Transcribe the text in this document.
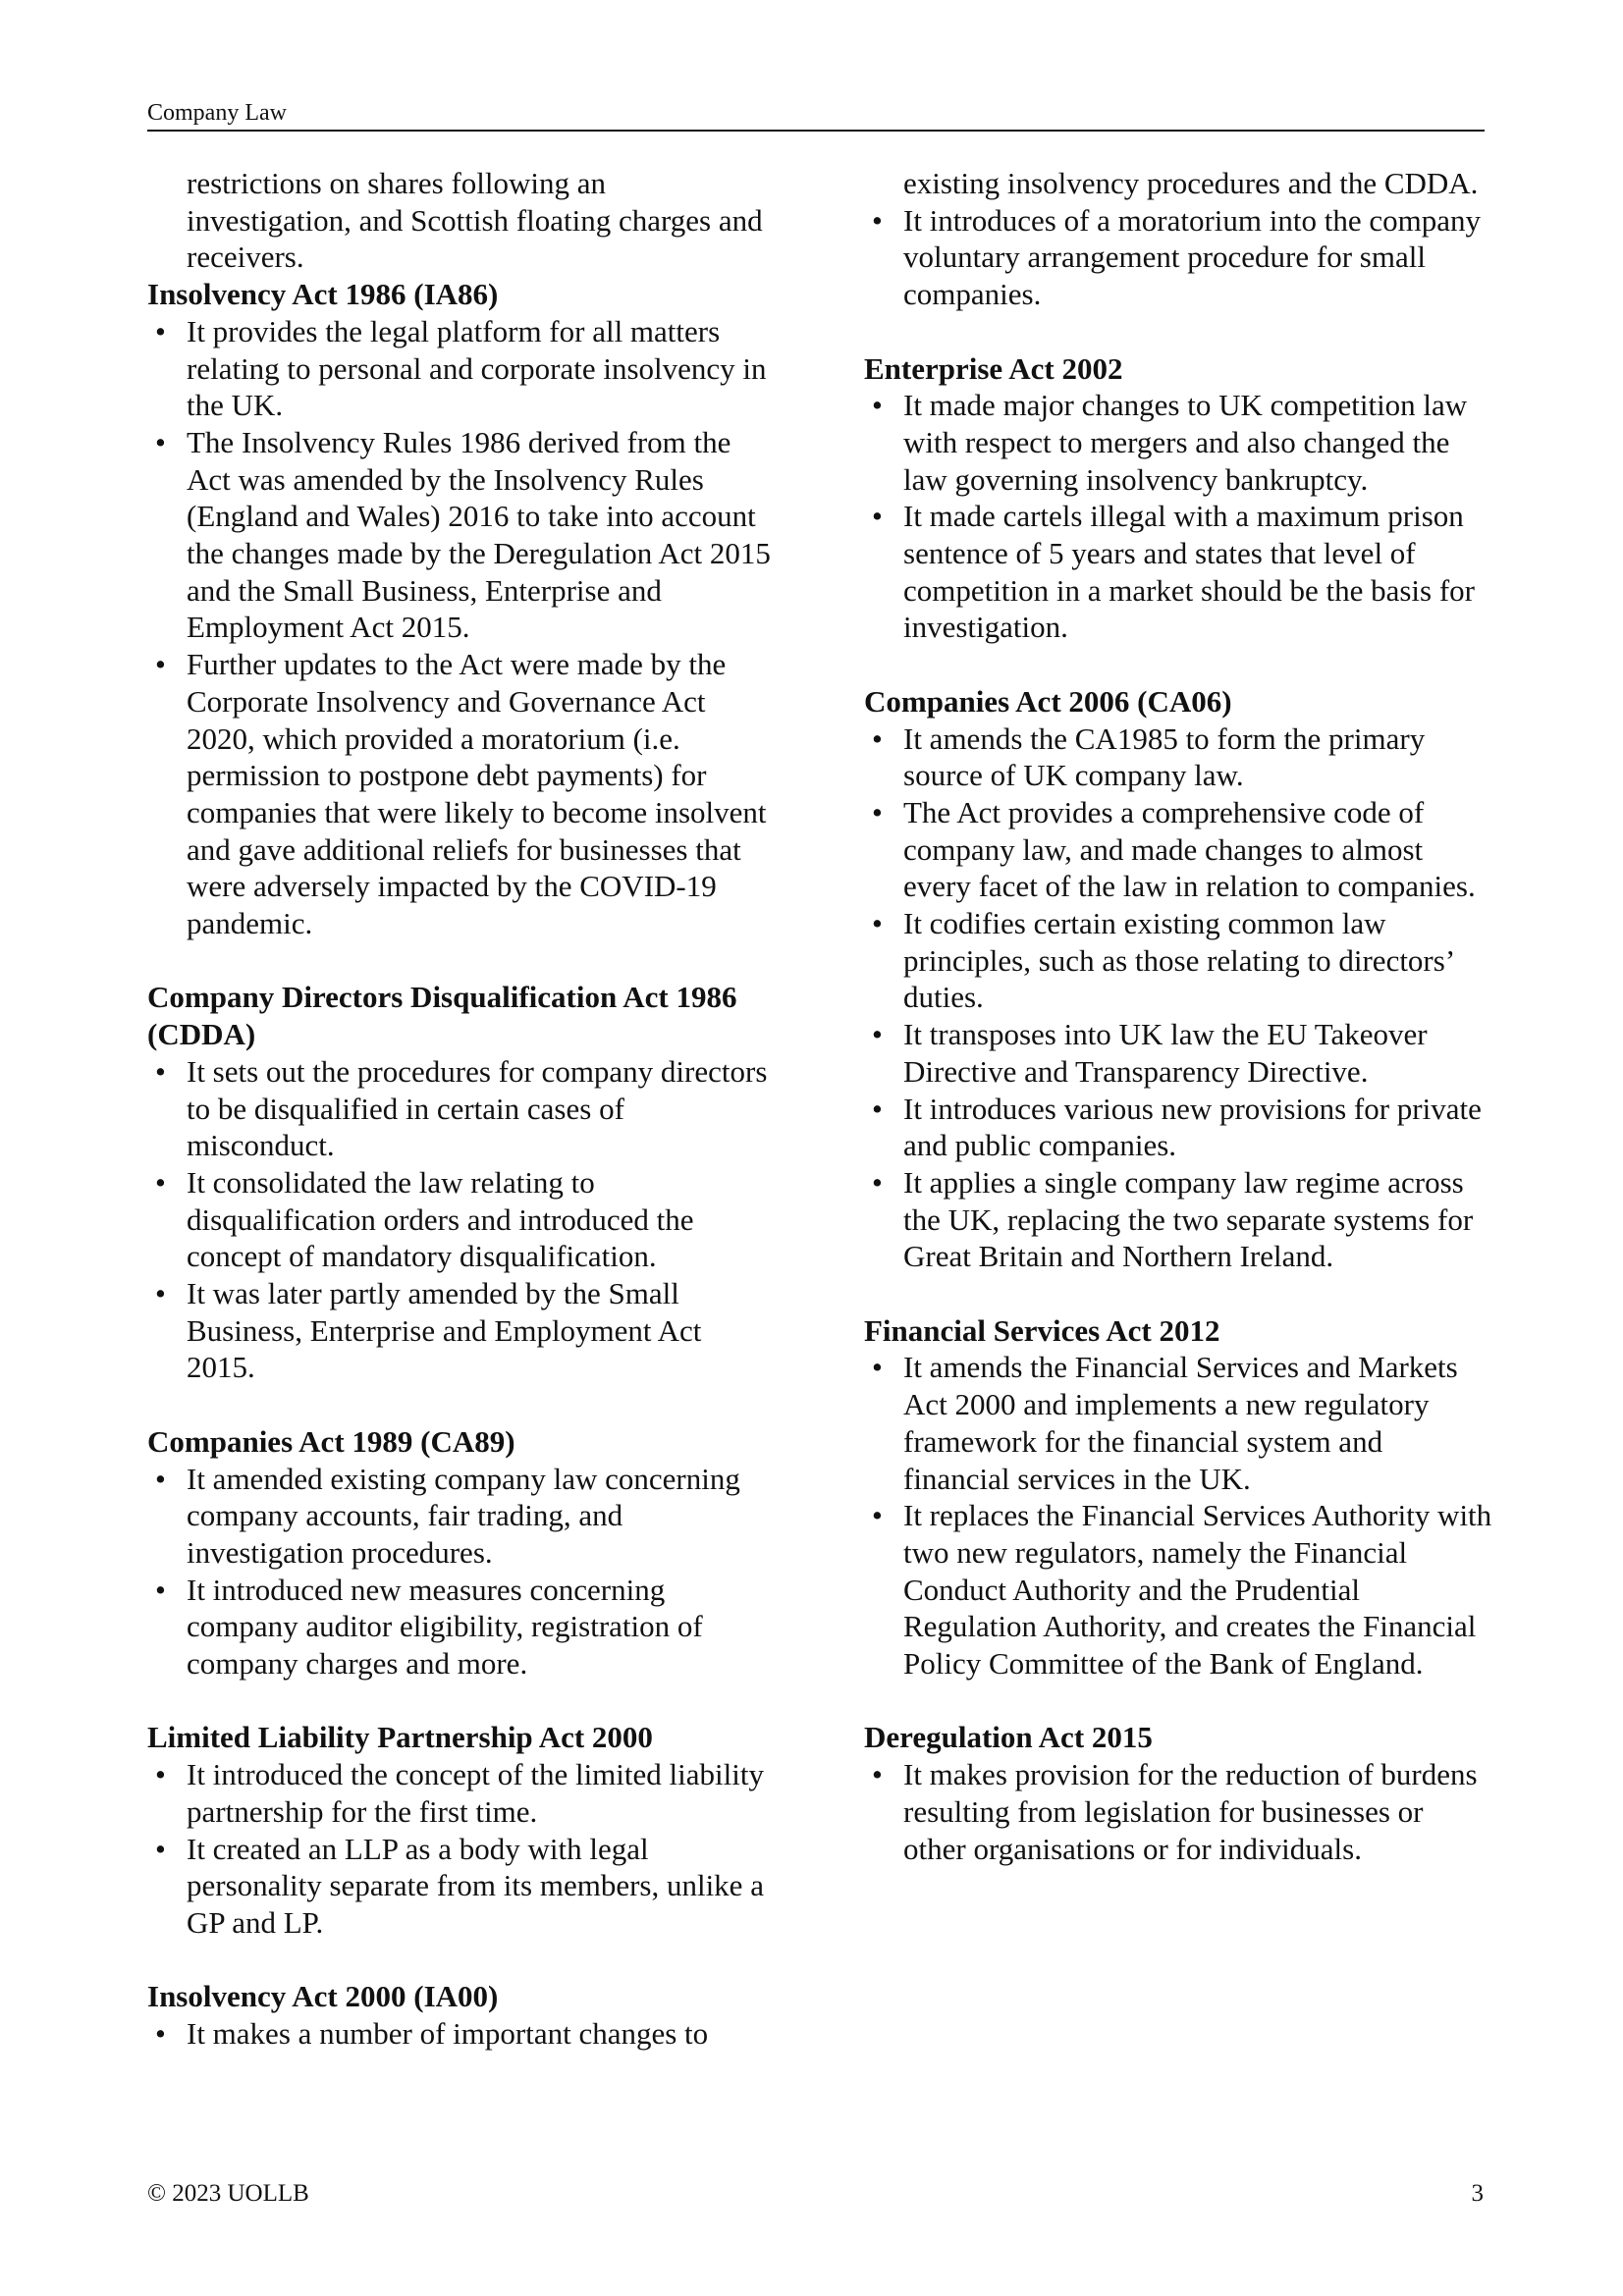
Company Law
restrictions on shares following an investigation, and Scottish floating charges and receivers.
Insolvency Act 1986 (IA86)
• It provides the legal platform for all matters relating to personal and corporate insolvency in the UK.
• The Insolvency Rules 1986 derived from the Act was amended by the Insolvency Rules (England and Wales) 2016 to take into account the changes made by the Deregulation Act 2015 and the Small Business, Enterprise and Employment Act 2015.
• Further updates to the Act were made by the Corporate Insolvency and Governance Act 2020, which provided a moratorium (i.e. permission to postpone debt payments) for companies that were likely to become insolvent and gave additional reliefs for businesses that were adversely impacted by the COVID-19 pandemic.
Company Directors Disqualification Act 1986 (CDDA)
• It sets out the procedures for company directors to be disqualified in certain cases of misconduct.
• It consolidated the law relating to disqualification orders and introduced the concept of mandatory disqualification.
• It was later partly amended by the Small Business, Enterprise and Employment Act 2015.
Companies Act 1989 (CA89)
• It amended existing company law concerning company accounts, fair trading, and investigation procedures.
• It introduced new measures concerning company auditor eligibility, registration of company charges and more.
Limited Liability Partnership Act 2000
• It introduced the concept of the limited liability partnership for the first time.
• It created an LLP as a body with legal personality separate from its members, unlike a GP and LP.
Insolvency Act 2000 (IA00)
• It makes a number of important changes to
existing insolvency procedures and the CDDA.
• It introduces of a moratorium into the company voluntary arrangement procedure for small companies.
Enterprise Act 2002
• It made major changes to UK competition law with respect to mergers and also changed the law governing insolvency bankruptcy.
• It made cartels illegal with a maximum prison sentence of 5 years and states that level of competition in a market should be the basis for investigation.
Companies Act 2006 (CA06)
• It amends the CA1985 to form the primary source of UK company law.
• The Act provides a comprehensive code of company law, and made changes to almost every facet of the law in relation to companies.
• It codifies certain existing common law principles, such as those relating to directors’ duties.
• It transposes into UK law the EU Takeover Directive and Transparency Directive.
• It introduces various new provisions for private and public companies.
• It applies a single company law regime across the UK, replacing the two separate systems for Great Britain and Northern Ireland.
Financial Services Act 2012
• It amends the Financial Services and Markets Act 2000 and implements a new regulatory framework for the financial system and financial services in the UK.
• It replaces the Financial Services Authority with two new regulators, namely the Financial Conduct Authority and the Prudential Regulation Authority, and creates the Financial Policy Committee of the Bank of England.
Deregulation Act 2015
• It makes provision for the reduction of burdens resulting from legislation for businesses or other organisations or for individuals.
© 2023 UOLLB	3
